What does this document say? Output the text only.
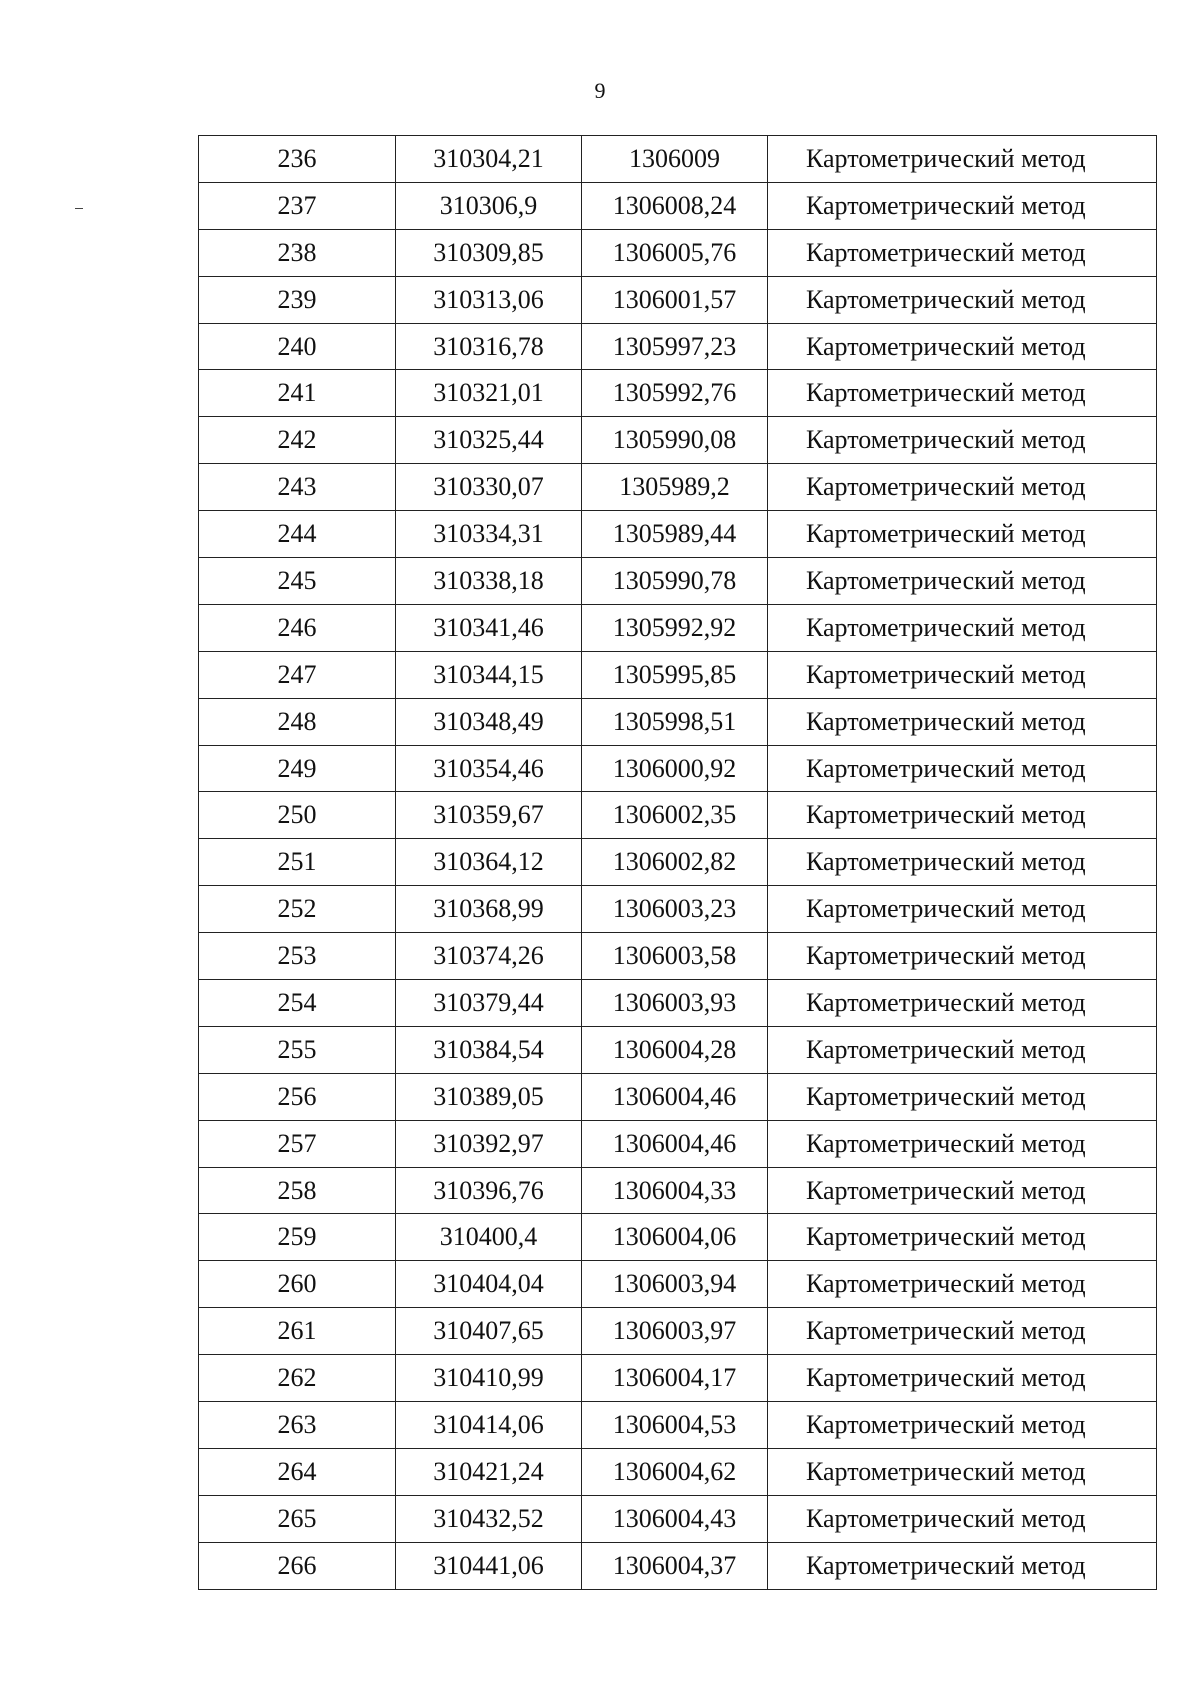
9
236	310304,21	1306009	Картометрический метод
237	310306,9	1306008,24	Картометрический метод
238	310309,85	1306005,76	Картометрический метод
239	310313,06	1306001,57	Картометрический метод
240	310316,78	1305997,23	Картометрический метод
241	310321,01	1305992,76	Картометрический метод
242	310325,44	1305990,08	Картометрический метод
243	310330,07	1305989,2	Картометрический метод
244	310334,31	1305989,44	Картометрический метод
245	310338,18	1305990,78	Картометрический метод
246	310341,46	1305992,92	Картометрический метод
247	310344,15	1305995,85	Картометрический метод
248	310348,49	1305998,51	Картометрический метод
249	310354,46	1306000,92	Картометрический метод
250	310359,67	1306002,35	Картометрический метод
251	310364,12	1306002,82	Картометрический метод
252	310368,99	1306003,23	Картометрический метод
253	310374,26	1306003,58	Картометрический метод
254	310379,44	1306003,93	Картометрический метод
255	310384,54	1306004,28	Картометрический метод
256	310389,05	1306004,46	Картометрический метод
257	310392,97	1306004,46	Картометрический метод
258	310396,76	1306004,33	Картометрический метод
259	310400,4	1306004,06	Картометрический метод
260	310404,04	1306003,94	Картометрический метод
261	310407,65	1306003,97	Картометрический метод
262	310410,99	1306004,17	Картометрический метод
263	310414,06	1306004,53	Картометрический метод
264	310421,24	1306004,62	Картометрический метод
265	310432,52	1306004,43	Картометрический метод
266	310441,06	1306004,37	Картометрический метод
